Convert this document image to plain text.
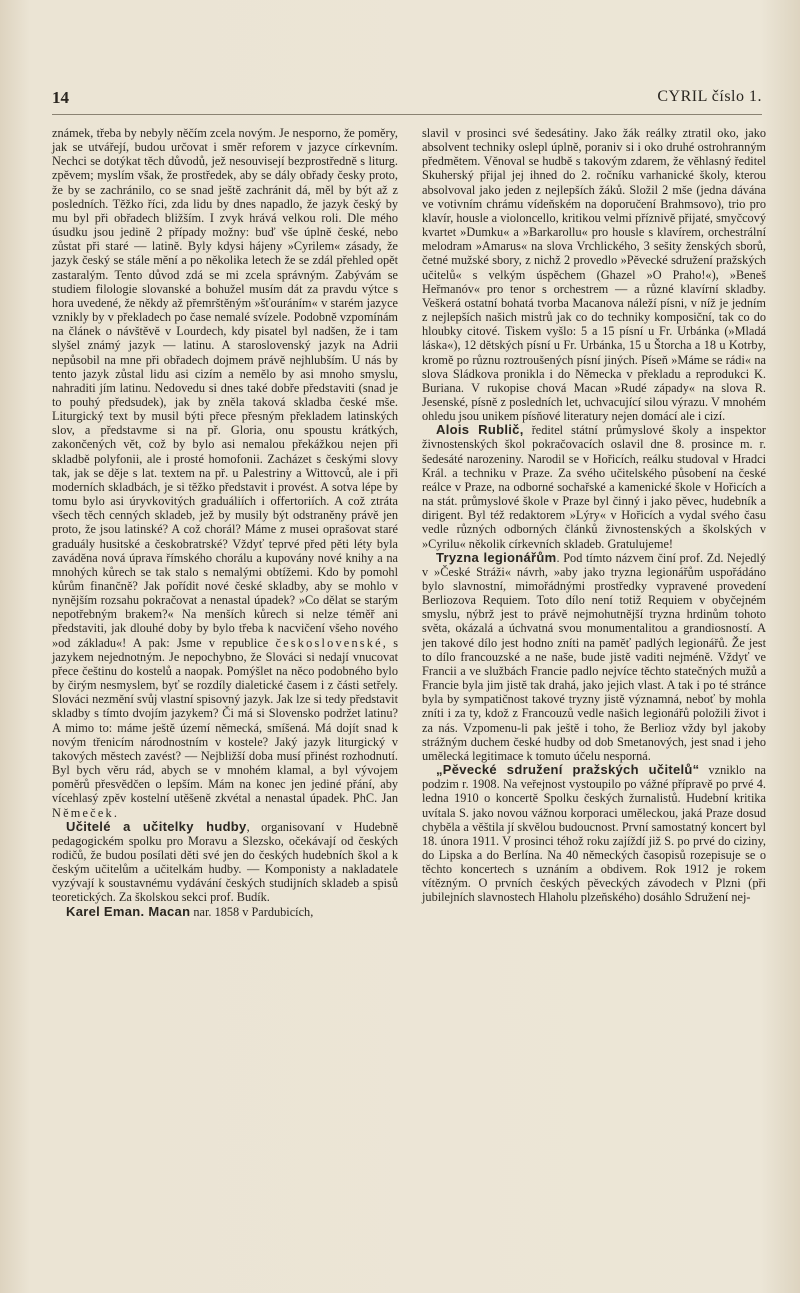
14	CYRIL číslo 1.

známek, třeba by nebyly něčím zcela novým. Je nesporno, že poměry, jak se utvářejí, budou určovat i směr reforem v jazyce církevním. Nechci se dotýkat těch důvodů, jež nesouvisejí bezprostředně s liturg. zpěvem; myslím však, že prostředek, aby se dály obřady česky proto, že by se zachránilo, co se snad ještě zachránit dá, měl by být až z posledních. Těžko říci, zda lidu by dnes napadlo, že jazyk český by mu byl při obřadech bližším. I zvyk hrává velkou roli. Dle mého úsudku jsou jedině 2 případy možny: buď vše úplně české, nebo zůstat při staré — latině. Byly kdysi hájeny »Cyrilem« zásady, že jazyk český se stále mění a po několika letech že se zdál přehled opět zastaralým. Tento důvod zdá se mi zcela správným. Zabývám se studiem filologie slovanské a bohužel musím dát za pravdu výtce s hora uvedené, že někdy až přemrštěným »šťouráním« v starém jazyce vznikly by v překladech po čase nemalé svízele. Podobně vzpomínám na článek o návštěvě v Lourdech, kdy pisatel byl nadšen, že i tam slyšel známý jazyk — latinu. A staroslovenský jazyk na Adrii nepůsobil na mne při obřadech dojmem právě nejhlubším. U nás by tento jazyk zůstal lidu asi cizím a nemělo by asi mnoho smyslu, nahraditi jím latinu. Nedovedu si dnes také dobře představiti (snad je to pouhý předsudek), jak by zněla taková skladba české mše. Liturgický text by musil býti přece přesným překladem latinských slov, a představme si na př. Gloria, onu spoustu krátkých, zakončených vět, což by bylo asi nemalou překážkou nejen při skladbě polyfonii, ale i prosté homofonii. Zacházet s českými slovy tak, jak se děje s lat. textem na př. u Palestriny a Wittovců, ale i při moderních skladbách, je si těžko představit i provést. A sotva lépe by tomu bylo asi úryvkovitých graduáliích i offertoriích. A což ztráta všech těch cenných skladeb, jež by musily být odstraněny právě jen proto, že jsou latinské? A což chorál? Máme z musei oprašovat staré graduály husitské a českobratrské? Vždyť teprvé před pěti léty byla zaváděna nová úprava římského chorálu a kupovány nové knihy a na mnohých kůrech se tak stalo s nemalými obtížemi. Kdo by pomohl kůrům finančně? Jak pořídit nové české skladby, aby se mohlo v nynějším rozsahu pokračovat a nenastal úpadek? »Co dělat se starým nepotřebným brakem?« Na menších kůrech si nelze téměř ani představiti, jak dlouhé doby by bylo třeba k nacvičení všeho nového »od základu«! A pak: Jsme v republice československé, s jazykem nejednotným. Je nepochybno, že Slováci si nedají vnucovat přece češtinu do kostelů a naopak. Pomýšlet na něco podobného bylo by čirým nesmyslem, byť se rozdíly dialetické časem i z části setřely. Slováci nezmění svůj vlastní spisovný jazyk. Jak lze si tedy představit skladby s tímto dvojím jazykem? Či má si Slovensko podržet latinu? A mimo to: máme ještě území německá, smíšená. Má dojít snad k novým třenicím národnostním v kostele? Jaký jazyk liturgický v takových městech zavést? — Nejbližší doba musí přinést rozhodnutí. Byl bych věru rád, abych se v mnohém klamal, a byl vývojem poměrů přesvědčen o lepším. Mám na konec jen jediné přání, aby vícehlasý zpěv kostelní utěšeně zkvétal a nenastal úpadek. PhC. Jan Němeček.

Učitelé a učitelky hudby, organisovaní v Hudebně pedagogickém spolku pro Moravu a Slezsko, očekávají od českých rodičů, že budou posílati děti své jen do českých hudebních škol a k českým učitelům a učitelkám hudby. — Komponisty a nakladatele vyzývají k soustavnému vydávání českých studijních skladeb a spisů teoretických. Za školskou sekci prof. Budík.

Karel Eman. Macan nar. 1858 v Pardubicích,

slavil v prosinci své šedesátiny. Jako žák reálky ztratil oko, jako absolvent techniky oslepl úplně, poraniv si i oko druhé ostrohranným předmětem. Věnoval se hudbě s takovým zdarem, že věhlasný ředitel Skuherský přijal jej ihned do 2. ročníku varhanické školy, kterou absolvoval jako jeden z nejlepších žáků. Složil 2 mše (jedna dávána ve votivním chrámu vídeňském na doporučení Brahmsovo), trio pro klavír, housle a violoncello, kritikou velmi příznivě přijaté, smyčcový kvartet »Dumku« a »Barkarollu« pro housle s klavírem, orchestrální melodram »Amarus« na slova Vrchlického, 3 sešity ženských sborů, četné mužské sbory, z nichž 2 provedlo »Pěvecké sdružení pražských učitelů« s velkým úspěchem (Ghazel »O Praho!«), »Beneš Heřmanóv« pro tenor s orchestrem — a různé klavírní skladby. Veškerá ostatní bohatá tvorba Macanova náleží písni, v níž je jedním z nejlepších našich mistrů jak co do techniky komposiční, tak co do hloubky citové. Tiskem vyšlo: 5 a 15 písní u Fr. Urbánka (»Mladá láska«), 12 dětských písní u Fr. Urbánka, 15 u Štorcha a 18 u Kotrby, kromě po různu roztroušených písní jiných. Píseň »Máme se rádi« na slova Sládkova pronikla i do Německa v překladu a reprodukci K. Buriana. V rukopise chová Macan »Rudé západy« na slova R. Jesenské, písně z posledních let, uchvacující silou výrazu. V mnohém ohledu jsou unikem písňové literatury nejen domácí ale i cizí.

Alois Rublič, ředitel státní průmyslové školy a inspektor živnostenských škol pokračovacích oslavil dne 8. prosince m. r. šedesáté narozeniny. Narodil se v Hořicích, reálku studoval v Hradci Král. a techniku v Praze. Za svého učitelského působení na české reálce v Praze, na odborné sochařské a kamenické škole v Hořicích a na stát. průmyslové škole v Praze byl činný i jako pěvec, hudebník a dirigent. Byl též redaktorem »Lýry« v Hořicích a vydal svého času vedle různých odborných článků živnostenských a školských v »Cyrilu« několik církevních skladeb. Gratulujeme!

Tryzna legionářům. Pod tímto názvem činí prof. Zd. Nejedlý v »České Stráži« návrh, »aby jako tryzna legionářům uspořádáno bylo slavnostní, mimořádnými prostředky vypravené provedení Berliozova Requiem. Toto dílo není totiž Requiem v obyčejném smyslu, nýbrž jest to právě nejmohutnější tryzna hrdinům tohoto světa, okázalá a úchvatná svou monumentalitou a grandiosností. A jen takové dílo jest hodno zníti na paměť padlých legionářů. Že jest to dílo francouzské a ne naše, bude jistě vaditi nejméně. Vždyť ve Francii a ve službách Francie padlo nejvíce těchto statečných mužů a Francie byla jim jistě tak drahá, jako jejich vlast. A tak i po té stránce byla by sympatičnost takové tryzny jistě významná, neboť by mohla zníti i za ty, kdož z Francouzů vedle našich legionářů položili život i za nás. Vzpomenu-li pak ještě i toho, že Berlioz vždy byl jakoby strážným duchem české hudby od dob Smetanových, jest snad i jeho umělecká legitimace k tomuto účelu nesporná.

„Pěvecké sdružení pražských učitelů“ vzniklo na podzim r. 1908. Na veřejnost vystoupilo po vážné přípravě po prvé 4. ledna 1910 o koncertě Spolku českých žurnalistů. Hudební kritika uvítala S. jako novou vážnou korporaci uměleckou, jaká Praze dosud chyběla a věštila jí skvělou budoucnost. První samostatný koncert byl 18. února 1911. V prosinci téhož roku zajíždí již S. po prvé do ciziny, do Lipska a do Berlína. Na 40 německých časopisů rozepisuje se o těchto koncertech s uznáním a obdivem. Rok 1912 je rokem vítězným. O prvních českých pěveckých závodech v Plzni (při jubilejních slavnostech Hlaholu plzeňského) dosáhlo Sdružení nej-
